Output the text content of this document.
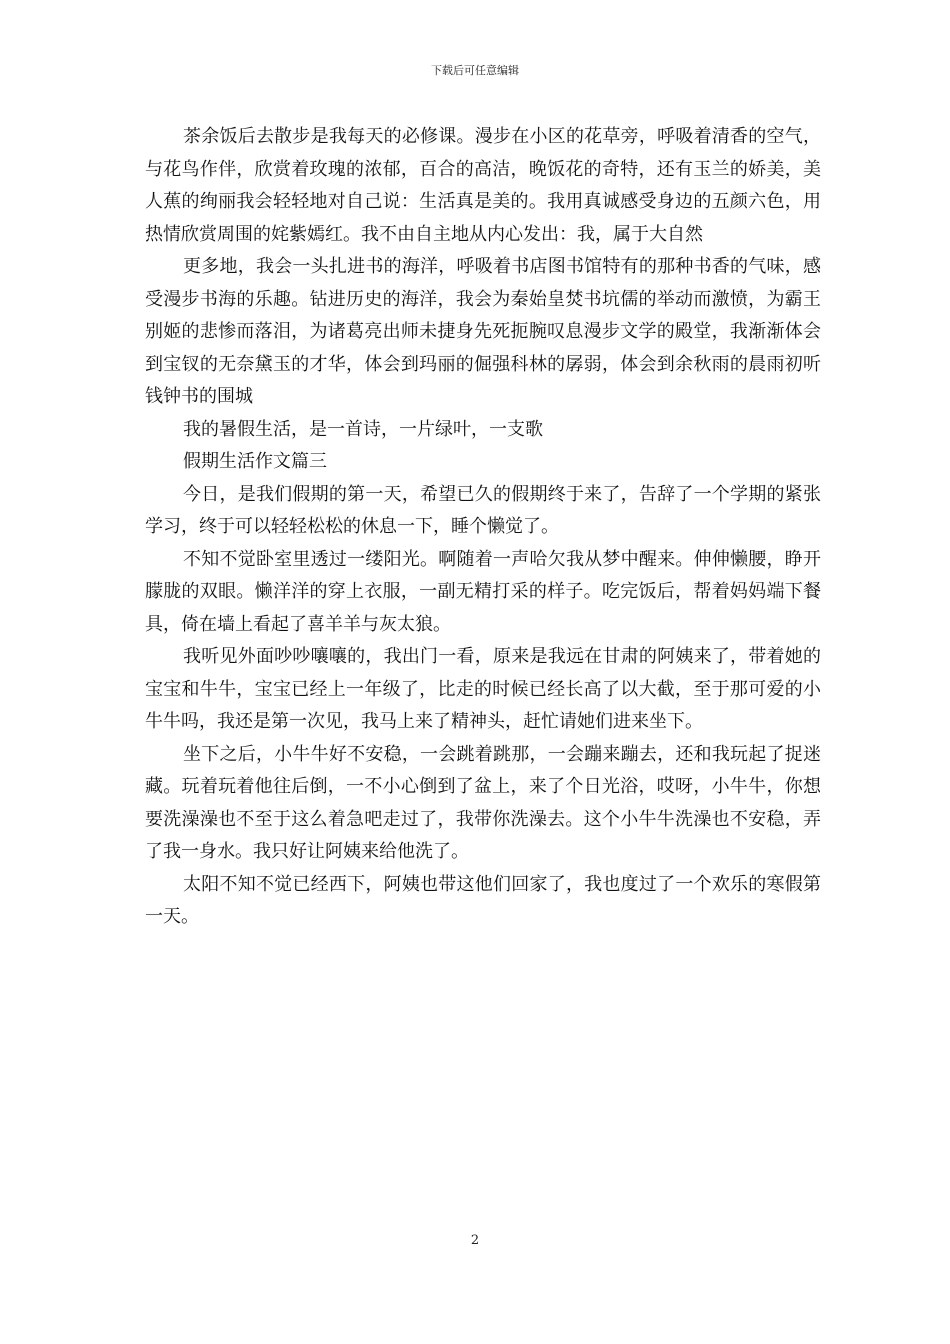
下载后可任意编辑

茶余饭后去散步是我每天的必修课。漫步在小区的花草旁，呼吸着清香的空气，与花鸟作伴，欣赏着玫瑰的浓郁，百合的高洁，晚饭花的奇特，还有玉兰的娇美，美人蕉的绚丽我会轻轻地对自己说：生活真是美的。我用真诚感受身边的五颜六色，用热情欣赏周围的姹紫嫣红。我不由自主地从内心发出：我，属于大自然

更多地，我会一头扎进书的海洋，呼吸着书店图书馆特有的那种书香的气味，感受漫步书海的乐趣。钻进历史的海洋，我会为秦始皇焚书坑儒的举动而激愤，为霸王别姬的悲惨而落泪，为诸葛亮出师未捷身先死扼腕叹息漫步文学的殿堂，我渐渐体会到宝钗的无奈黛玉的才华，体会到玛丽的倔强科林的孱弱，体会到余秋雨的晨雨初听钱钟书的围城

我的暑假生活，是一首诗，一片绿叶，一支歌

假期生活作文篇三

今日，是我们假期的第一天，希望已久的假期终于来了，告辞了一个学期的紧张学习，终于可以轻轻松松的休息一下，睡个懒觉了。

不知不觉卧室里透过一缕阳光。啊随着一声哈欠我从梦中醒来。伸伸懒腰，睁开朦胧的双眼。懒洋洋的穿上衣服，一副无精打采的样子。吃完饭后，帮着妈妈端下餐具，倚在墙上看起了喜羊羊与灰太狼。

我听见外面吵吵嚷嚷的，我出门一看，原来是我远在甘肃的阿姨来了，带着她的宝宝和牛牛，宝宝已经上一年级了，比走的时候已经长高了以大截，至于那可爱的小牛牛吗，我还是第一次见，我马上来了精神头，赶忙请她们进来坐下。

坐下之后，小牛牛好不安稳，一会跳着跳那，一会蹦来蹦去，还和我玩起了捉迷藏。玩着玩着他往后倒，一不小心倒到了盆上，来了个日光浴，哎呀，小牛牛，你想要洗澡澡也不至于这么着急吧走过了，我带你洗澡去。这个小牛牛洗澡也不安稳，弄了我一身水。我只好让阿姨来给他洗了。

太阳不知不觉已经西下，阿姨也带这他们回家了，我也度过了一个欢乐的寒假第一天。

2
